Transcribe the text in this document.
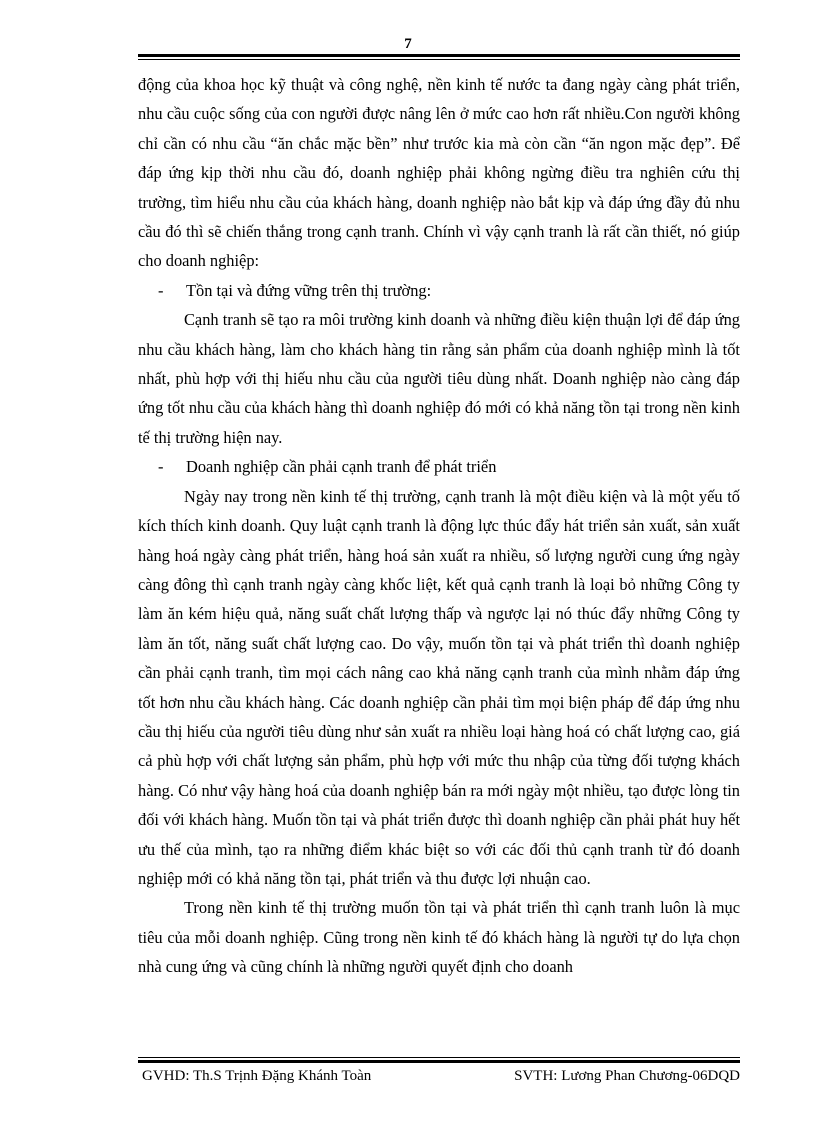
7

động của khoa học kỹ thuật và công nghệ, nền kinh tế nước ta đang ngày càng phát triển, nhu cầu cuộc sống của con người được nâng lên ở mức cao hơn rất nhiều.Con người không chỉ cần có nhu cầu “ăn chắc mặc bền” như trước kia mà còn cần “ăn ngon mặc đẹp”. Để đáp ứng kịp thời nhu cầu đó, doanh nghiệp phải không ngừng điều tra nghiên cứu thị trường, tìm hiểu nhu cầu của khách hàng, doanh nghiệp nào bắt kịp và đáp ứng đầy đủ nhu cầu đó thì sẽ chiến thắng trong cạnh tranh. Chính vì vậy cạnh tranh là rất cần thiết, nó giúp cho doanh nghiệp:

-	Tồn tại và đứng vững trên thị trường:

Cạnh tranh sẽ tạo ra môi trường kinh doanh và những điều kiện thuận lợi để đáp ứng nhu cầu khách hàng, làm cho khách hàng tin rằng sản phẩm của doanh nghiệp mình là tốt nhất, phù hợp với thị hiếu nhu cầu của người tiêu dùng nhất. Doanh nghiệp nào càng đáp ứng tốt nhu cầu của khách hàng thì doanh nghiệp đó mới có khả năng tồn tại trong nền kinh tế thị trường hiện nay.

-	Doanh nghiệp cần phải cạnh tranh để phát triển

Ngày nay trong nền kinh tế thị trường, cạnh tranh là một điều kiện và là một yếu tố kích thích kinh doanh. Quy luật cạnh tranh là động lực thúc đẩy hát triển sản xuất, sản xuất hàng hoá ngày càng phát triển, hàng hoá sản xuất ra nhiều, số lượng người cung ứng ngày càng đông thì cạnh tranh ngày càng khốc liệt, kết quả cạnh tranh là loại bỏ những Công ty làm ăn kém hiệu quả, năng suất chất lượng thấp và ngược lại nó thúc đẩy những Công ty làm ăn tốt, năng suất chất lượng cao. Do vậy, muốn tồn tại và phát triển thì doanh nghiệp cần phải cạnh tranh, tìm mọi cách nâng cao khả năng cạnh tranh của mình nhằm đáp ứng tốt hơn nhu cầu khách hàng. Các doanh nghiệp cần phải tìm mọi biện pháp để đáp ứng nhu cầu thị hiếu của người tiêu dùng như sản xuất ra nhiều loại hàng hoá có chất lượng cao, giá cả phù hợp với chất lượng sản phẩm, phù hợp với mức thu nhập của từng đối tượng khách hàng. Có như vậy hàng hoá của doanh nghiệp bán ra mới ngày một nhiều, tạo được lòng tin đối với khách hàng. Muốn tồn tại và phát triển được thì doanh nghiệp cần phải phát huy hết ưu thế của mình, tạo ra những điểm khác biệt so với các đối thủ cạnh tranh từ đó doanh nghiệp mới có khả năng tồn tại, phát triển và thu được lợi nhuận cao.

Trong nền kinh tế thị trường muốn tồn tại và phát triển thì cạnh tranh luôn là mục tiêu của mỗi doanh nghiệp. Cũng trong nền kinh tế đó khách hàng là người tự do lựa chọn nhà cung ứng và cũng chính là những người quyết định cho doanh

GVHD: Th.S Trịnh Đặng Khánh Toàn	SVTH: Lương Phan Chương-06DQD
